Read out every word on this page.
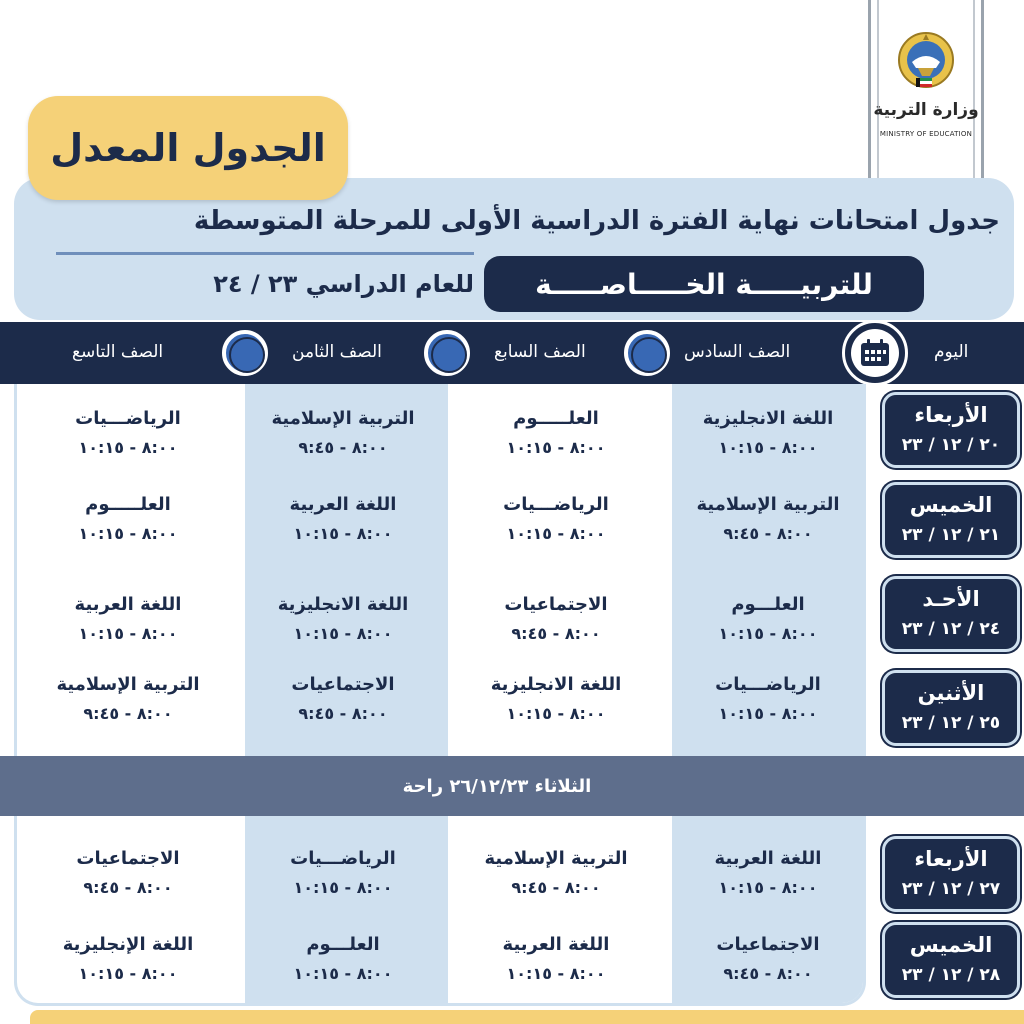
وزارة التربية
MINISTRY OF EDUCATION
الجدول المعدل
جدول امتحانات نهاية الفترة الدراسية الأولى للمرحلة المتوسطة
للتربيـــــة الخـــــاصـــــة
للعام الدراسي ٢٣ / ٢٤
اليوم
الصف السادس
الصف السابع
الصف الثامن
الصف التاسع
الثلاثاء ٢٦/١٢/٢٣ راحة
الأربعاء
٢٠ / ١٢ / ٢٣
اللغة الانجليزية
٨:٠٠ - ١٠:١٥
العلـــــوم
٨:٠٠ - ١٠:١٥
التربية الإسلامية
٨:٠٠ - ٩:٤٥
الرياضـــيات
٨:٠٠ - ١٠:١٥
الخميس
٢١ / ١٢ / ٢٣
التربية الإسلامية
٨:٠٠ - ٩:٤٥
الرياضـــيات
٨:٠٠ - ١٠:١٥
اللغة العربية
٨:٠٠ - ١٠:١٥
العلـــــوم
٨:٠٠ - ١٠:١٥
الأحـد
٢٤ / ١٢ / ٢٣
العلـــوم
٨:٠٠ - ١٠:١٥
الاجتماعيات
٨:٠٠ - ٩:٤٥
اللغة الانجليزية
٨:٠٠ - ١٠:١٥
اللغة العربية
٨:٠٠ - ١٠:١٥
الأثنين
٢٥ / ١٢ / ٢٣
الرياضـــيات
٨:٠٠ - ١٠:١٥
اللغة الانجليزية
٨:٠٠ - ١٠:١٥
الاجتماعيات
٨:٠٠ - ٩:٤٥
التربية الإسلامية
٨:٠٠ - ٩:٤٥
الأربعاء
٢٧ / ١٢ / ٢٣
اللغة العربية
٨:٠٠ - ١٠:١٥
التربية الإسلامية
٨:٠٠ - ٩:٤٥
الرياضـــيات
٨:٠٠ - ١٠:١٥
الاجتماعيات
٨:٠٠ - ٩:٤٥
الخميس
٢٨ / ١٢ / ٢٣
الاجتماعيات
٨:٠٠ - ٩:٤٥
اللغة العربية
٨:٠٠ - ١٠:١٥
العلـــوم
٨:٠٠ - ١٠:١٥
اللغة الإنجليزية
٨:٠٠ - ١٠:١٥
